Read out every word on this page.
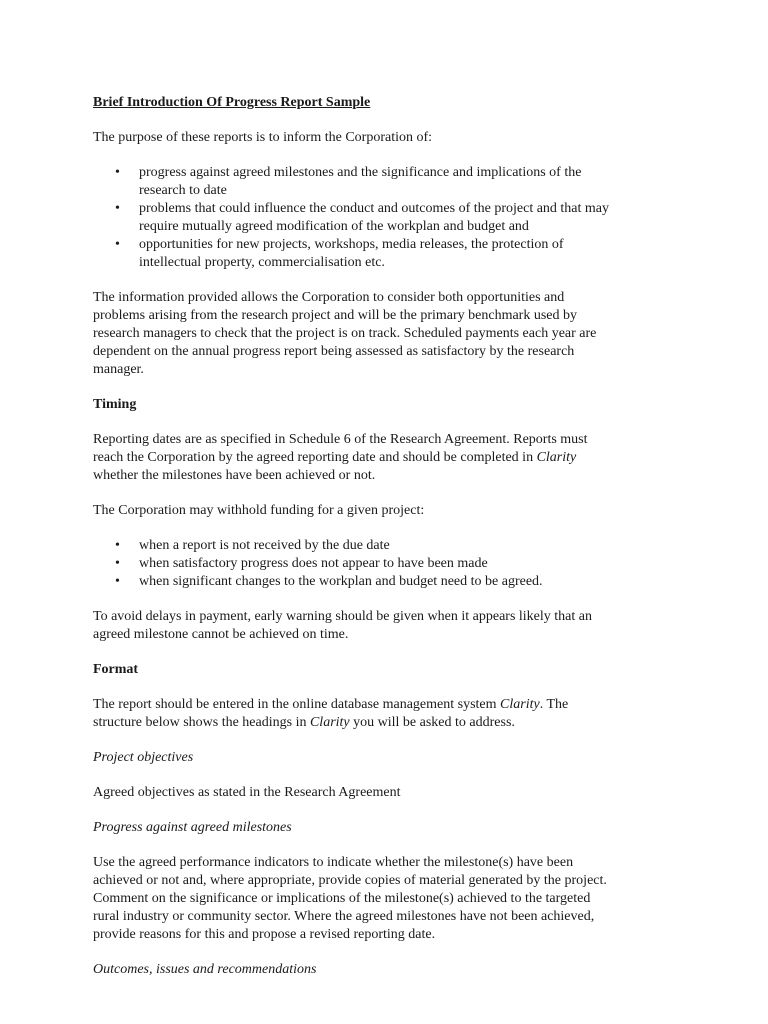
Brief Introduction Of Progress Report Sample
The purpose of these reports is to inform the Corporation of:
• progress against agreed milestones and the significance and implications of the
research to date
• problems that could influence the conduct and outcomes of the project and that may
require mutually agreed modification of the workplan and budget and
• opportunities for new projects, workshops, media releases, the protection of
intellectual property, commercialisation etc.
The information provided allows the Corporation to consider both opportunities and
problems arising from the research project and will be the primary benchmark used by
research managers to check that the project is on track. Scheduled payments each year are
dependent on the annual progress report being assessed as satisfactory by the research
manager.
Timing
Reporting dates are as specified in Schedule 6 of the Research Agreement. Reports must
reach the Corporation by the agreed reporting date and should be completed in Clarity
whether the milestones have been achieved or not.
The Corporation may withhold funding for a given project:
• when a report is not received by the due date
• when satisfactory progress does not appear to have been made
• when significant changes to the workplan and budget need to be agreed.
To avoid delays in payment, early warning should be given when it appears likely that an
agreed milestone cannot be achieved on time.
Format
The report should be entered in the online database management system Clarity. The
structure below shows the headings in Clarity you will be asked to address.
Project objectives
Agreed objectives as stated in the Research Agreement
Progress against agreed milestones
Use the agreed performance indicators to indicate whether the milestone(s) have been
achieved or not and, where appropriate, provide copies of material generated by the project.
Comment on the significance or implications of the milestone(s) achieved to the targeted
rural industry or community sector. Where the agreed milestones have not been achieved,
provide reasons for this and propose a revised reporting date.
Outcomes, issues and recommendations
